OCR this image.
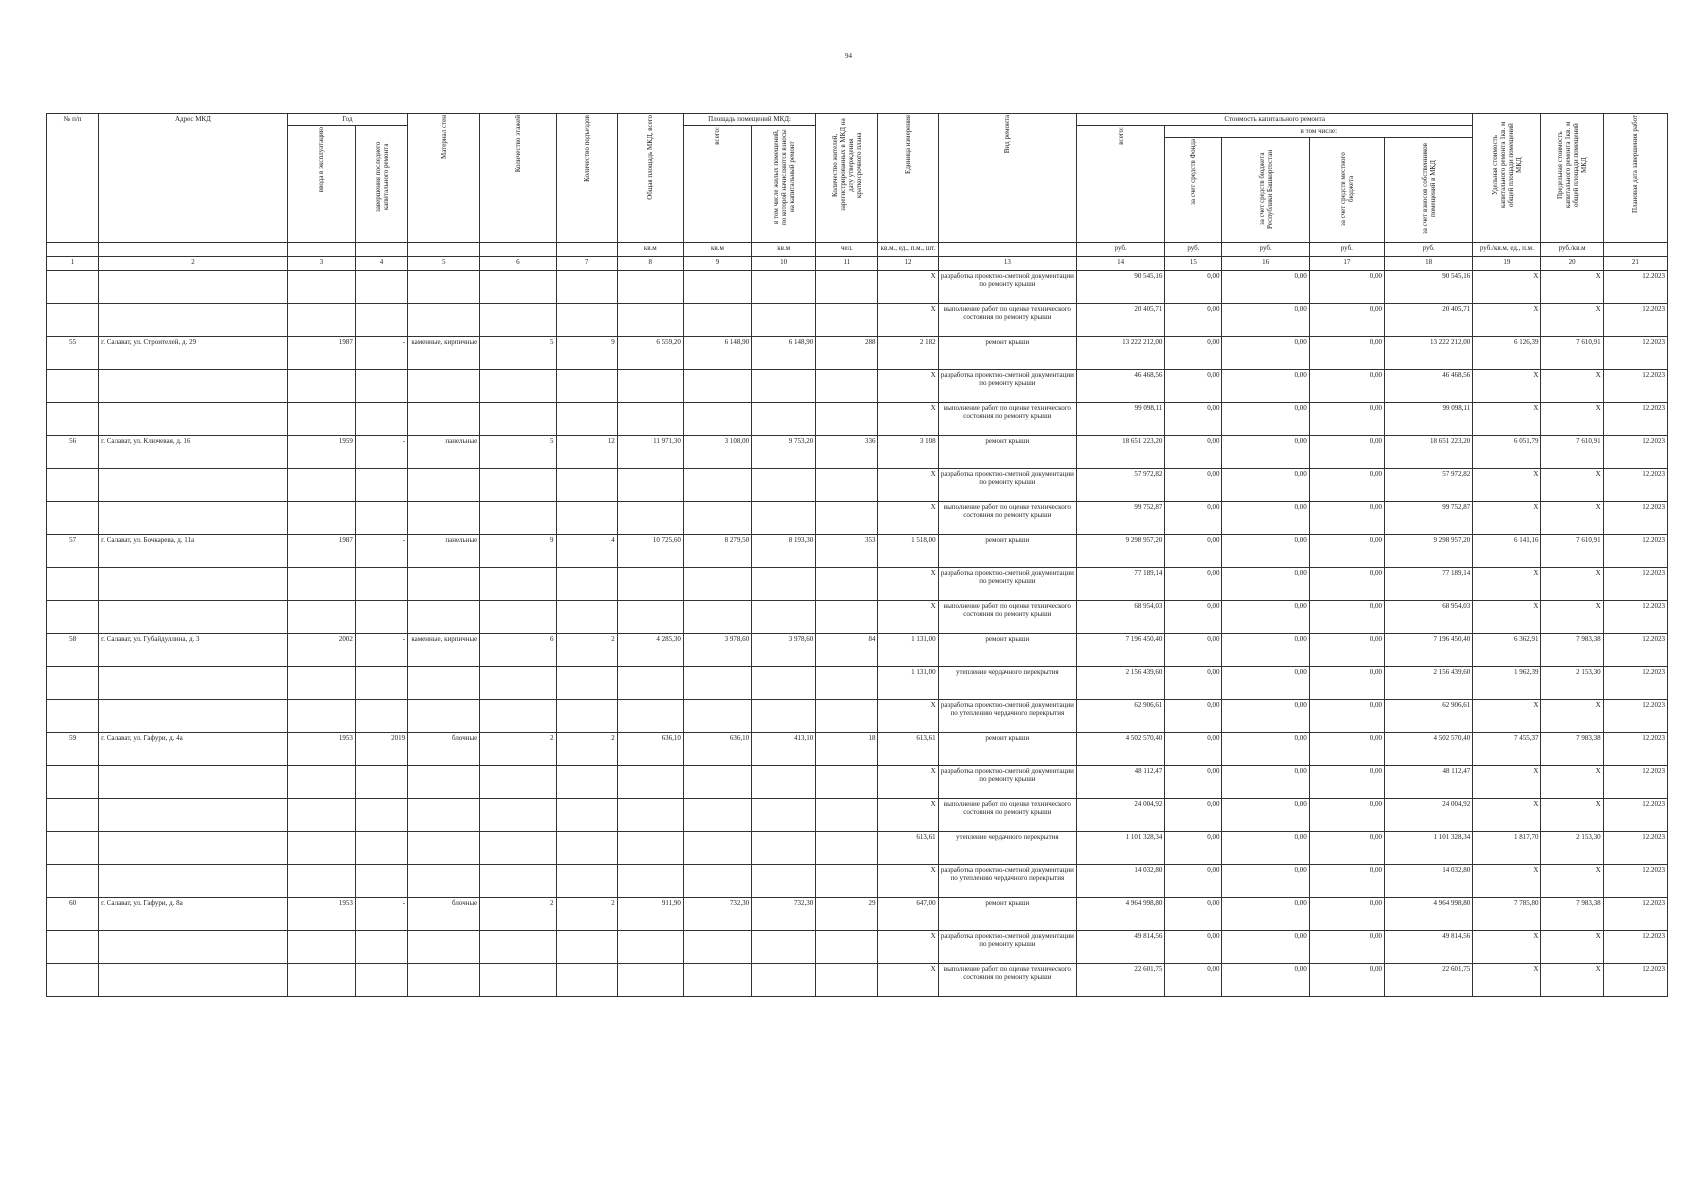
94
№ п/п	Адрес МКД	Год		Материал стен	Количество этажей	Количество подъездов	Общая площадь МКД, всего	Площадь помещений МКД:		Количество жителей, зарегистрированных в МКД на дату утверждения краткосрочного плана	Единица измерения	Вид ремонта	Стоимость капитального ремонта					Удельная стоимость капитального ремонта 1кв. м общей площади помещений МКД	Предельная стоимость капитального ремонта 1кв. м общей площади помещений МКД	Плановая дата завершения работ
		ввода в эксплуатацию	завершения последнего капитального ремонта					всего:	в том числе жилых помещений, по которой начисляются взносы на капитальный ремонт				всего:	в том числе:						
														за счет средств Фонда	за счет средств бюджета Республики Башкортостан	за счет средств местного бюджета	за счет взносов собственников помещений в МКД			
							кв.м	кв.м	кв.м	чел.	кв.м., ед., п.м., шт.		руб.	руб.	руб.	руб.	руб.	руб./кв.м, ед., п.м.	руб./кв.м	
1	2	3	4	5	6	7	8	9	10	11	12	13	14	15	16	17	18	19	20	21
											X	разработка проектно-сметной документации по ремонту крыши	90 545,16	0,00	0,00	0,00	90 545,16	X	X	12.2023
											X	выполнение работ по оценке технического состояния по ремонту крыши	20 405,71	0,00	0,00	0,00	20 405,71	X	X	12.2023
55	г. Салават, ул. Строителей, д. 29	1987	-	каменные, кирпичные	5	9	6 559,20	6 148,90	6 148,90	288	2 182	ремонт крыши	13 222 212,00	0,00	0,00	0,00	13 222 212,00	6 126,39	7 610,91	12.2023
											X	разработка проектно-сметной документации по ремонту крыши	46 468,56	0,00	0,00	0,00	46 468,56	X	X	12.2023
											X	выполнение работ по оценке технического состояния по ремонту крыши	99 098,11	0,00	0,00	0,00	99 098,11	X	X	12.2023
56	г. Салават, ул. Ключевая, д. 16	1959	-	панельные	5	12	11 971,30	3 108,00	9 753,20	336	3 108	ремонт крыши	18 651 223,20	0,00	0,00	0,00	18 651 223,20	6 051,79	7 610,91	12.2023
											X	разработка проектно-сметной документации по ремонту крыши	57 972,82	0,00	0,00	0,00	57 972,82	X	X	12.2023
											X	выполнение работ по оценке технического состояния по ремонту крыши	99 752,87	0,00	0,00	0,00	99 752,87	X	X	12.2023
57	г. Салават, ул. Бочкарева, д. 11а	1987	-	панельные	9	4	10 725,60	8 279,50	8 193,30	353	1 518,00	ремонт крыши	9 298 957,20	0,00	0,00	0,00	9 298 957,20	6 141,16	7 610,91	12.2023
											X	разработка проектно-сметной документации по ремонту крыши	77 189,14	0,00	0,00	0,00	77 189,14	X	X	12.2023
											X	выполнение работ по оценке технического состояния по ремонту крыши	68 954,03	0,00	0,00	0,00	68 954,03	X	X	12.2023
58	г. Салават, ул. Губайдуллина, д. 3	2002	-	каменные, кирпичные	6	2	4 285,30	3 978,60	3 978,60	84	1 131,00	ремонт крыши	7 196 450,40	0,00	0,00	0,00	7 196 450,40	6 362,91	7 983,38	12.2023
											1 131,00	утепление чердачного перекрытия	2 156 439,60	0,00	0,00	0,00	2 156 439,60	1 962,39	2 153,30	12.2023
											X	разработка проектно-сметной документации по утеплению чердачного перекрытия	62 906,61	0,00	0,00	0,00	62 906,61	X	X	12.2023
59	г. Салават, ул. Гафури, д. 4а	1953	2019	блочные	2	2	636,10	636,10	413,10	18	613,61	ремонт крыши	4 502 570,40	0,00	0,00	0,00	4 502 570,40	7 455,37	7 983,38	12.2023
											X	разработка проектно-сметной документации по ремонту крыши	48 112,47	0,00	0,00	0,00	48 112,47	X	X	12.2023
											X	выполнение работ по оценке технического состояния по ремонту крыши	24 004,92	0,00	0,00	0,00	24 004,92	X	X	12.2023
											613,61	утепление чердачного перекрытия	1 101 328,34	0,00	0,00	0,00	1 101 328,34	1 817,70	2 153,30	12.2023
											X	разработка проектно-сметной документации по утеплению чердачного перекрытия	14 032,80	0,00	0,00	0,00	14 032,80	X	X	12.2023
60	г. Салават, ул. Гафури, д. 8а	1953	-	блочные	2	2	911,90	732,30	732,30	29	647,00	ремонт крыши	4 964 998,80	0,00	0,00	0,00	4 964 998,80	7 785,80	7 983,38	12.2023
											X	разработка проектно-сметной документации по ремонту крыши	49 814,56	0,00	0,00	0,00	49 814,56	X	X	12.2023
											X	выполнение работ по оценке технического состояния по ремонту крыши	22 601,75	0,00	0,00	0,00	22 601,75	X	X	12.2023
